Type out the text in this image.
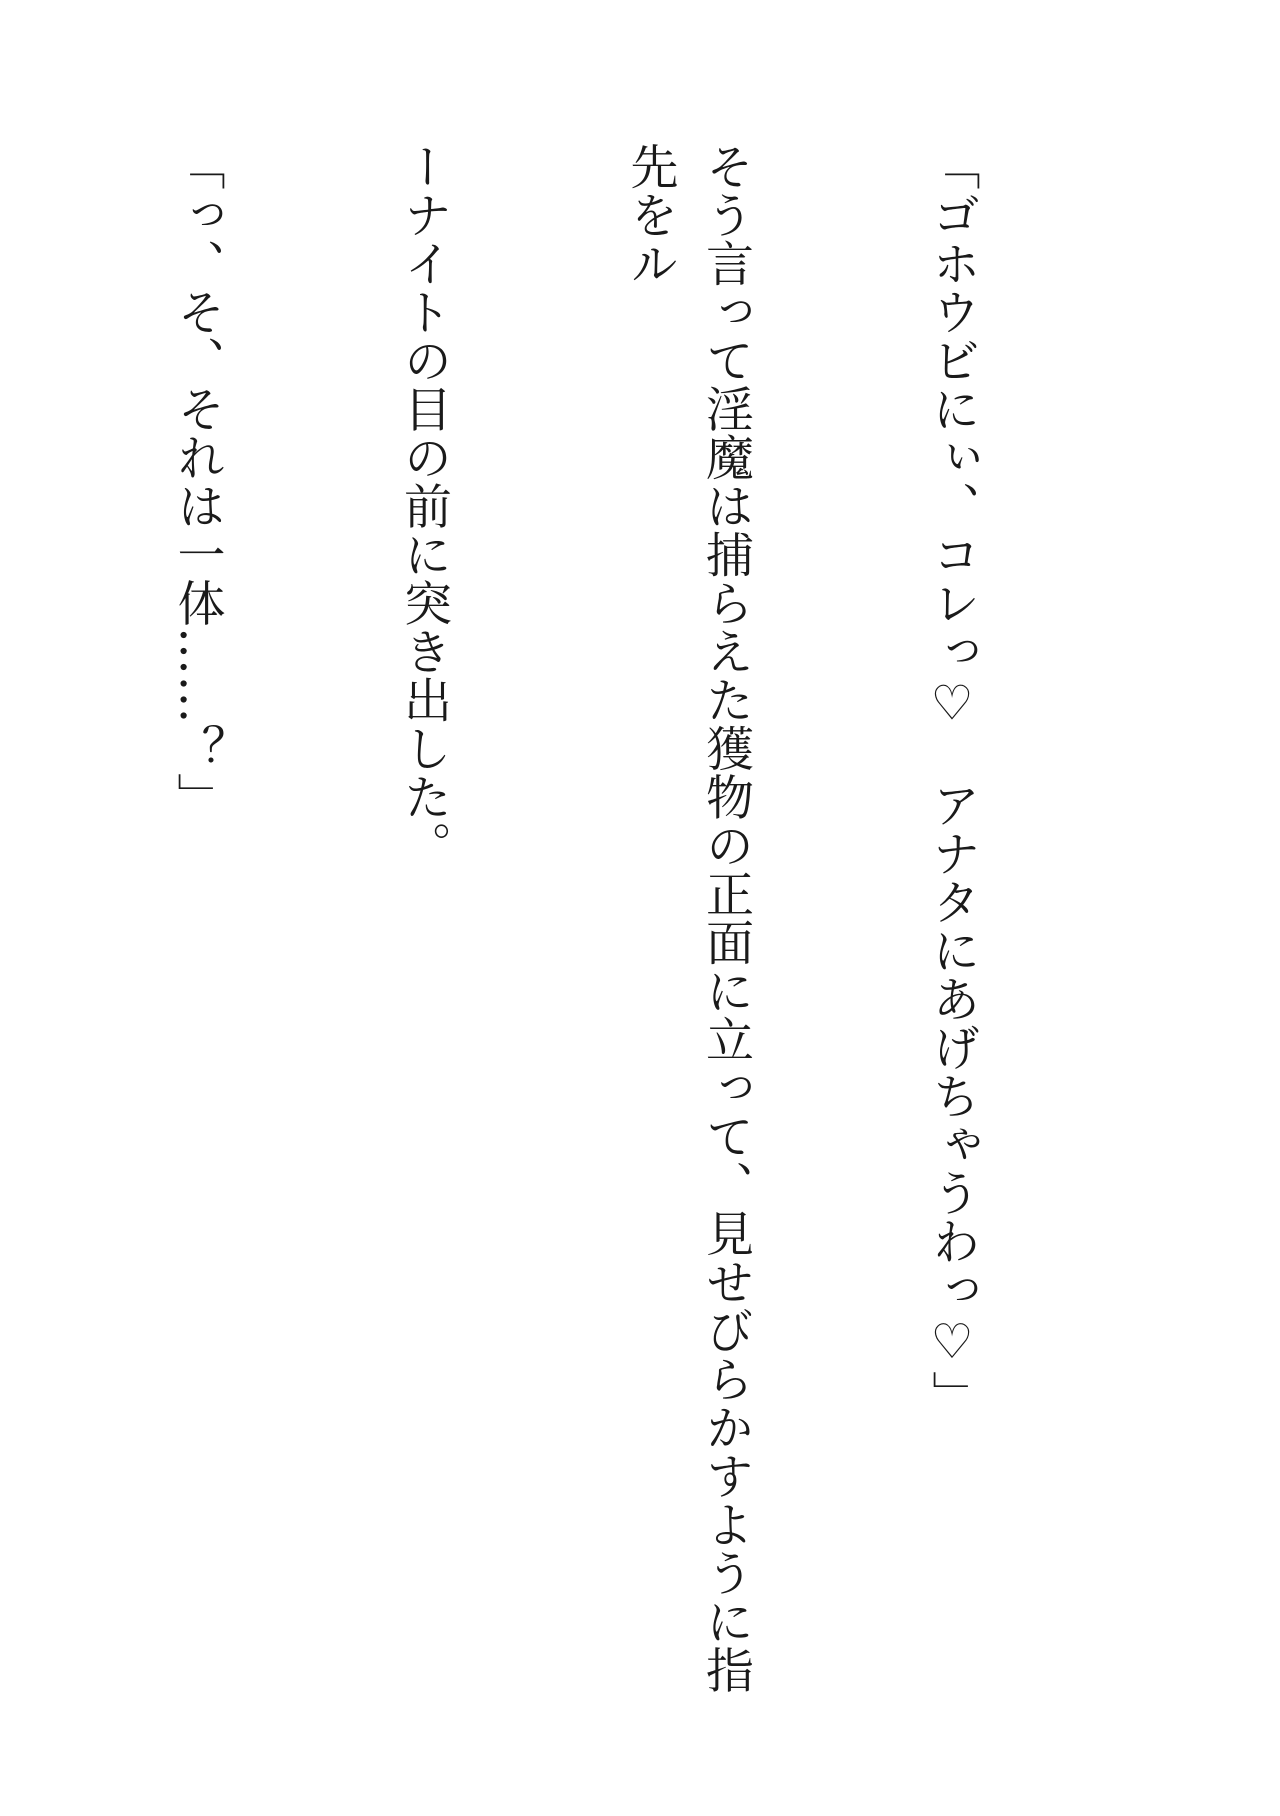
「ゴホウビにぃ、コレっ♡　アナタにあげちゃうわっ♡」

そう言って淫魔は捕らえた獲物の正面に立って、見せびらかすように指先をル

ーナイトの目の前に突き出した。

「っ、そ、それは一体……？」
